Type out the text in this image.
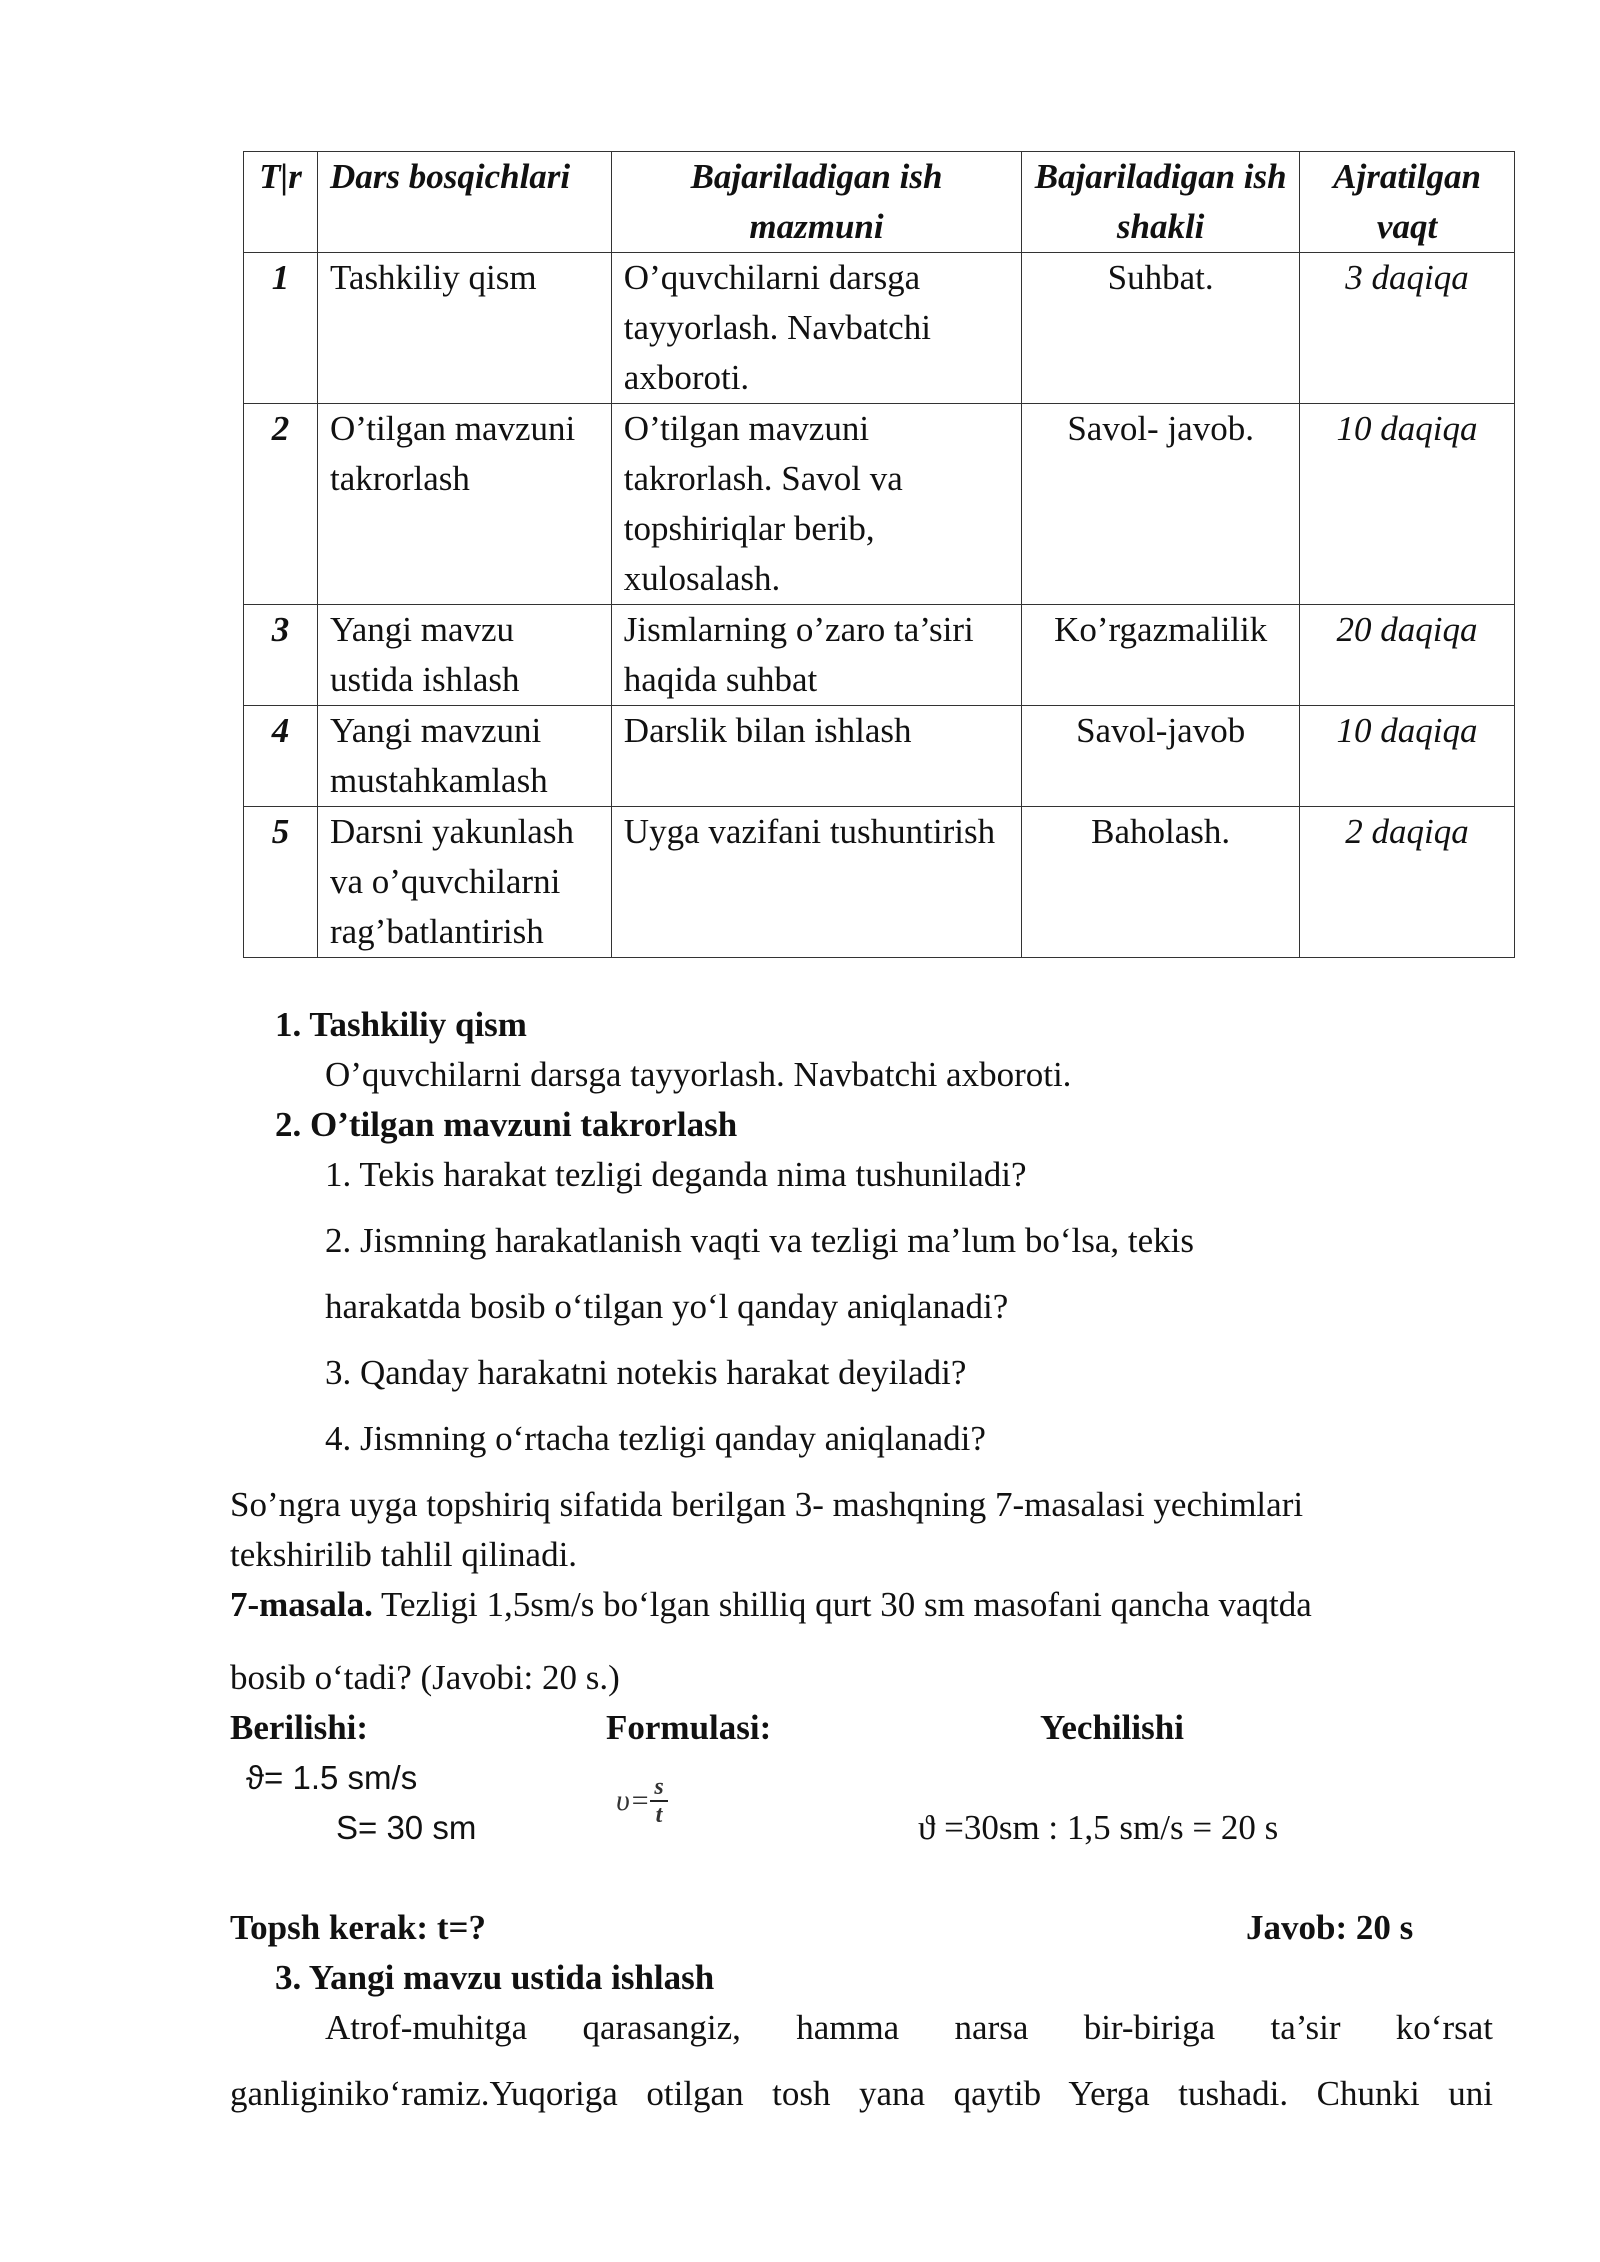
T|r	Dars bosqichlari	Bajariladigan ish mazmuni	Bajariladigan ish shakli	Ajratilgan vaqt
1	Tashkiliy qism	O’quvchilarni darsga tayyorlash. Navbatchi axboroti.	Suhbat.	3 daqiqa
2	O’tilgan mavzuni takrorlash	O’tilgan mavzuni takrorlash. Savol va topshiriqlar berib, xulosalash.	Savol- javob.	10 daqiqa
3	Yangi mavzu ustida ishlash	Jismlarning o’zaro ta’siri haqida suhbat	Ko’rgazmalilik	20 daqiqa
4	Yangi mavzuni mustahkamlash	Darslik bilan ishlash	Savol-javob	10 daqiqa
5	Darsni yakunlash va o’quvchilarni rag’batlantirish	Uyga vazifani tushuntirish	Baholash.	2 daqiqa
1. Tashkiliy qism
O’quvchilarni darsga tayyorlash. Navbatchi axboroti.
2. O’tilgan mavzuni takrorlash
1. Tekis harakat tezligi deganda nima tushuniladi?
2. Jismning harakatlanish vaqti va tezligi ma’lum bo‘lsa, tekis
harakatda bosib o‘tilgan yo‘l qanday aniqlanadi?
3. Qanday harakatni notekis harakat deyiladi?
4. Jismning o‘rtacha tezligi qanday aniqlanadi?
So’ngra uyga topshiriq sifatida berilgan 3- mashqning 7-masalasi yechimlari
tekshirilib tahlil qilinadi.
7-masala. Tezligi 1,5sm/s bo‘lgan shilliq qurt 30 sm masofani qancha vaqtda
bosib o‘tadi? (Javobi: 20 s.)
Berilishi:	Formulasi:	Yechilishi
ϑ= 1.5 sm/s
S= 30 sm
$\upsilon= \frac{s}{t}$	ϑ =30sm : 1,5 sm/s = 20 s
Topsh kerak: t=?	Javob: 20 s
3. Yangi mavzu ustida ishlash
Atrof-muhitga qarasangiz, hamma narsa bir-biriga ta’sir ko‘rsat
ganliginiko‘ramiz.Yuqoriga otilgan tosh yana qaytib Yerga tushadi. Chunki uni
